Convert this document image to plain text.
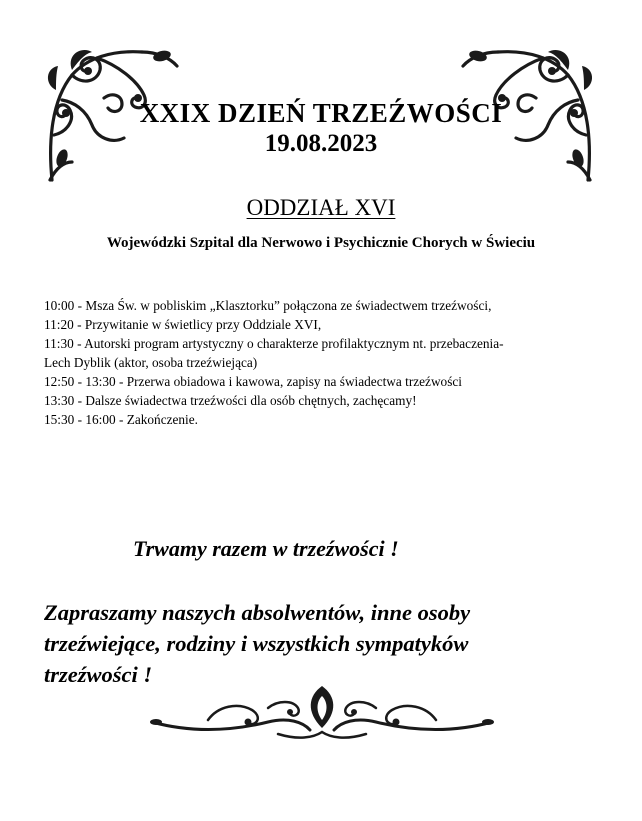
XXIX DZIEŃ TRZEŹWOŚCI
19.08.2023
ODDZIAŁ XVI
Wojewódzki Szpital dla Nerwowo i Psychicznie Chorych w Świeciu
10:00 - Msza Św. w pobliskim „Klasztorku” połączona ze świadectwem trzeźwości,
11:20 - Przywitanie w świetlicy przy Oddziale XVI,
11:30 - Autorski program artystyczny o charakterze profilaktycznym nt. przebaczenia-
Lech Dyblik (aktor, osoba trzeźwiejąca)
12:50 - 13:30 - Przerwa obiadowa i kawowa, zapisy na świadectwa trzeźwości
13:30 - Dalsze świadectwa trzeźwości dla osób chętnych, zachęcamy!
15:30 - 16:00 - Zakończenie.
Trwamy razem w trzeźwości !

Zapraszamy naszych absolwentów, inne osoby
trzeźwiejące, rodziny i wszystkich sympatyków
trzeźwości !
